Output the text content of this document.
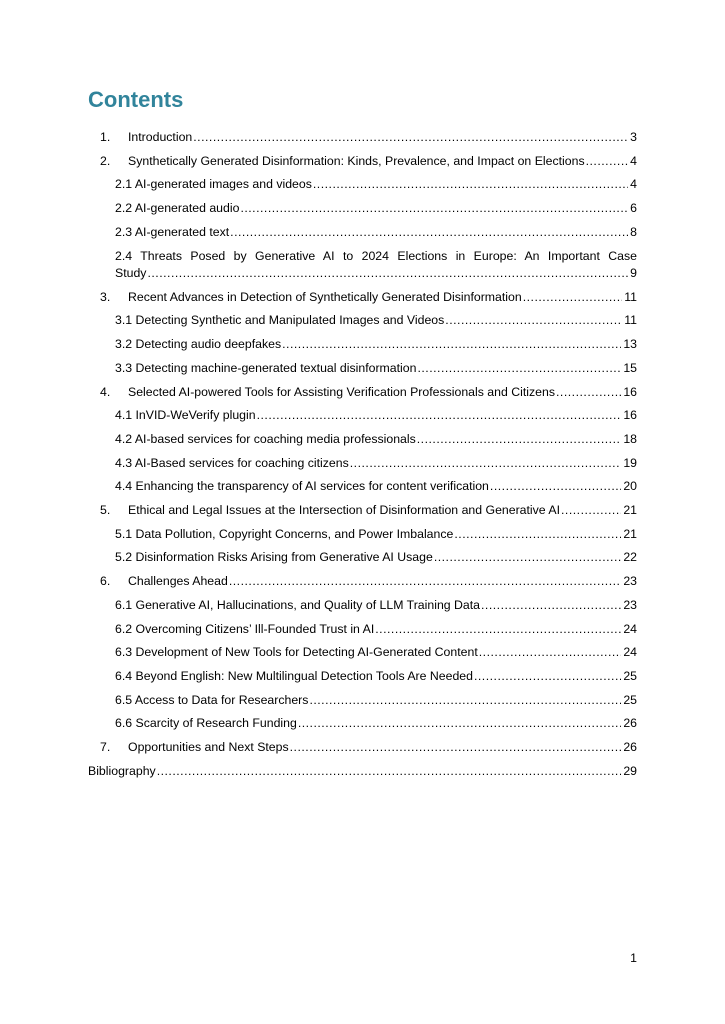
Contents
1.	Introduction .....	3
2.	Synthetically Generated Disinformation: Kinds, Prevalence, and Impact on Elections .....	4
2.1 AI-generated images and videos .....	4
2.2 AI-generated audio .....	6
2.3 AI-generated text .....	8
2.4 Threats Posed by Generative AI to 2024 Elections in Europe: An Important Case
Study .....	9
3.	Recent Advances in Detection of Synthetically Generated Disinformation .....	11
3.1 Detecting Synthetic and Manipulated Images and Videos .....	11
3.2 Detecting audio deepfakes .....	13
3.3 Detecting machine-generated textual disinformation .....	15
4.	Selected AI-powered Tools for Assisting Verification Professionals and Citizens .....	16
4.1 InVID-WeVerify plugin .....	16
4.2 AI-based services for coaching media professionals .....	18
4.3 AI-Based services for coaching citizens .....	19
4.4 Enhancing the transparency of AI services for content verification .....	20
5.	Ethical and Legal Issues at the Intersection of Disinformation and Generative AI .....	21
5.1 Data Pollution, Copyright Concerns, and Power Imbalance .....	21
5.2 Disinformation Risks Arising from Generative AI Usage .....	22
6.	Challenges Ahead .....	23
6.1 Generative AI, Hallucinations, and Quality of LLM Training Data .....	23
6.2 Overcoming Citizens’ Ill-Founded Trust in AI .....	24
6.3 Development of New Tools for Detecting AI-Generated Content .....	24
6.4 Beyond English: New Multilingual Detection Tools Are Needed .....	25
6.5 Access to Data for Researchers .....	25
6.6 Scarcity of Research Funding .....	26
7.	Opportunities and Next Steps .....	26
Bibliography .....	29
1
